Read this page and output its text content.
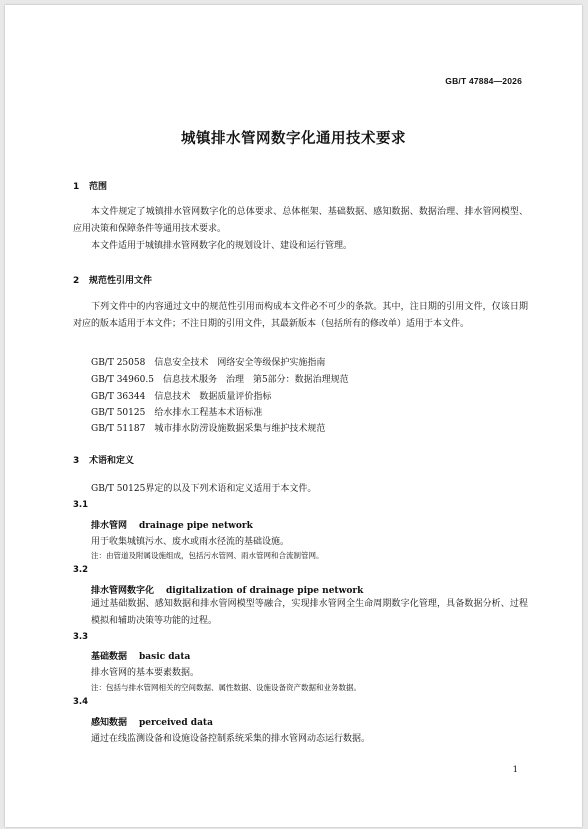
GB/T 47884—2026
城镇排水管网数字化通用技术要求
1 范围
本文件规定了城镇排水管网数字化的总体要求、总体框架、基础数据、感知数据、数据治理、排水管网模型、应用决策和保障条件等通用技术要求。
本文件适用于城镇排水管网数字化的规划设计、建设和运行管理。
2 规范性引用文件
下列文件中的内容通过文中的规范性引用而构成本文件必不可少的条款。其中，注日期的引用文件，仅该日期对应的版本适用于本文件；不注日期的引用文件，其最新版本（包括所有的修改单）适用于本文件。
GB/T 25058　 信息安全技术　网络安全等级保护实施指南
GB/T 34960.5　 信息技术服务　治理　第5部分：数据治理规范
GB/T 36344　 信息技术　数据质量评价指标
GB/T 50125　 给水排水工程基本术语标准
GB/T 51187　 城市排水防涝设施数据采集与维护技术规范
3 术语和定义
GB/T 50125界定的以及下列术语和定义适用于本文件。
3.1
排水管网 drainage pipe network
用于收集城镇污水、废水或雨水径流的基础设施。
注：由管道及附属设施组成，包括污水管网、雨水管网和合流制管网。
3.2
排水管网数字化 digitalization of drainage pipe network
通过基础数据、感知数据和排水管网模型等融合，实现排水管网全生命周期数字化管理，具备数据分析、过程模拟和辅助决策等功能的过程。
3.3
基础数据 basic data
排水管网的基本要素数据。
注：包括与排水管网相关的空间数据、属性数据、设施设备资产数据和业务数据。
3.4
感知数据 perceived data
通过在线监测设备和设施设备控制系统采集的排水管网动态运行数据。
1
